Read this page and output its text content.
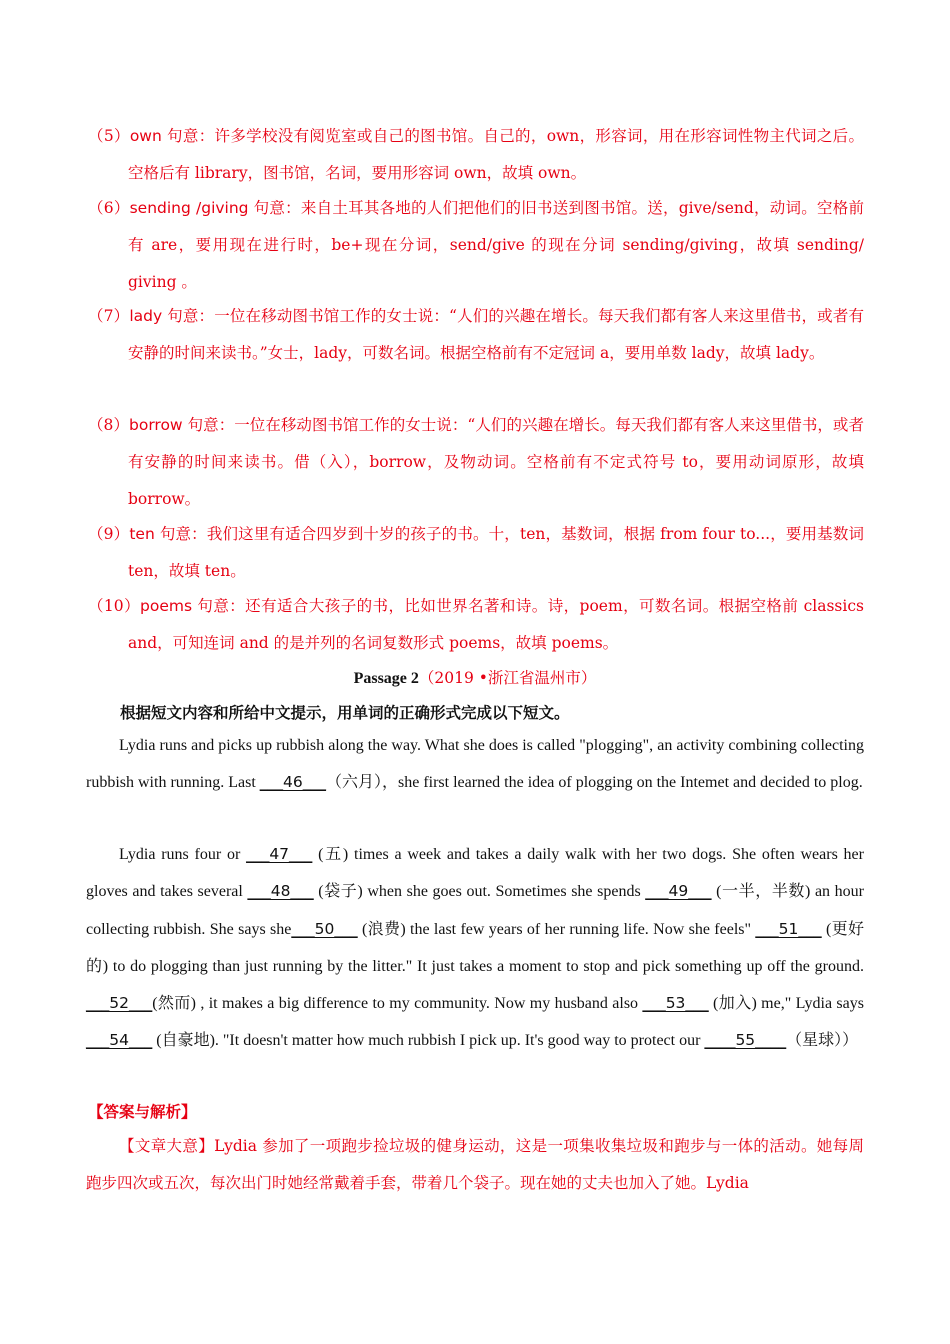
（5）own 句意：许多学校没有阅览室或自己的图书馆。自己的，own，形容词，用在形容词性物主代词之后。空格后有 library，图书馆，名词，要用形容词 own，故填 own。
（6）sending /giving 句意：来自土耳其各地的人们把他们的旧书送到图书馆。送，give/send，动词。空格前有 are，要用现在进行时，be+现在分词，send/give 的现在分词 sending/giving，故填 sending/ giving 。
（7）lady 句意：一位在移动图书馆工作的女士说：“人们的兴趣在增长。每天我们都有客人来这里借书，或者有安静的时间来读书。”女士，lady，可数名词。根据空格前有不定冠词 a，要用单数 lady，故填 lady。
（8）borrow 句意：一位在移动图书馆工作的女士说：“人们的兴趣在增长。每天我们都有客人来这里借书，或者有安静的时间来读书。借（入），borrow，及物动词。空格前有不定式符号 to，要用动词原形，故填 borrow。
（9）ten 句意：我们这里有适合四岁到十岁的孩子的书。十，ten，基数词，根据 from four to...，要用基数词 ten，故填 ten。
（10）poems 句意：还有适合大孩子的书，比如世界名著和诗。诗，poem，可数名词。根据空格前 classics and，可知连词 and 的是并列的名词复数形式 poems，故填 poems。
Passage 2（2019 •浙江省温州市）
根据短文内容和所给中文提示，用单词的正确形式完成以下短文。
Lydia runs and picks up rubbish along the way. What she does is called "plogging", an activity combining collecting rubbish with running. Last ___46___（六月），she first learned the idea of plogging on the Intemet and decided to plog.
Lydia runs four or ___47___ (五) times a week and takes a daily walk with her two dogs. She often wears her gloves and takes several ___48___ (袋子) when she goes out. Sometimes she spends ___49___ (一半，半数) an hour collecting rubbish. She says she___50___ (浪费) the last few years of her running life. Now she feels" ___51___ (更好的) to do plogging than just running by the litter." It just takes a moment to stop and pick something up off the ground.___52___(然而) , it makes a big difference to my community. Now my husband also ___53___ (加入) me," Lydia says ___54___ (自豪地). "It doesn't matter how much rubbish I pick up. It's good way to protect our ____55____（星球））
【答案与解析】
【文章大意】Lydia 参加了一项跑步捡垃圾的健身运动，这是一项集收集垃圾和跑步与一体的活动。她每周跑步四次或五次，每次出门时她经常戴着手套，带着几个袋子。现在她的丈夫也加入了她。Lydia
